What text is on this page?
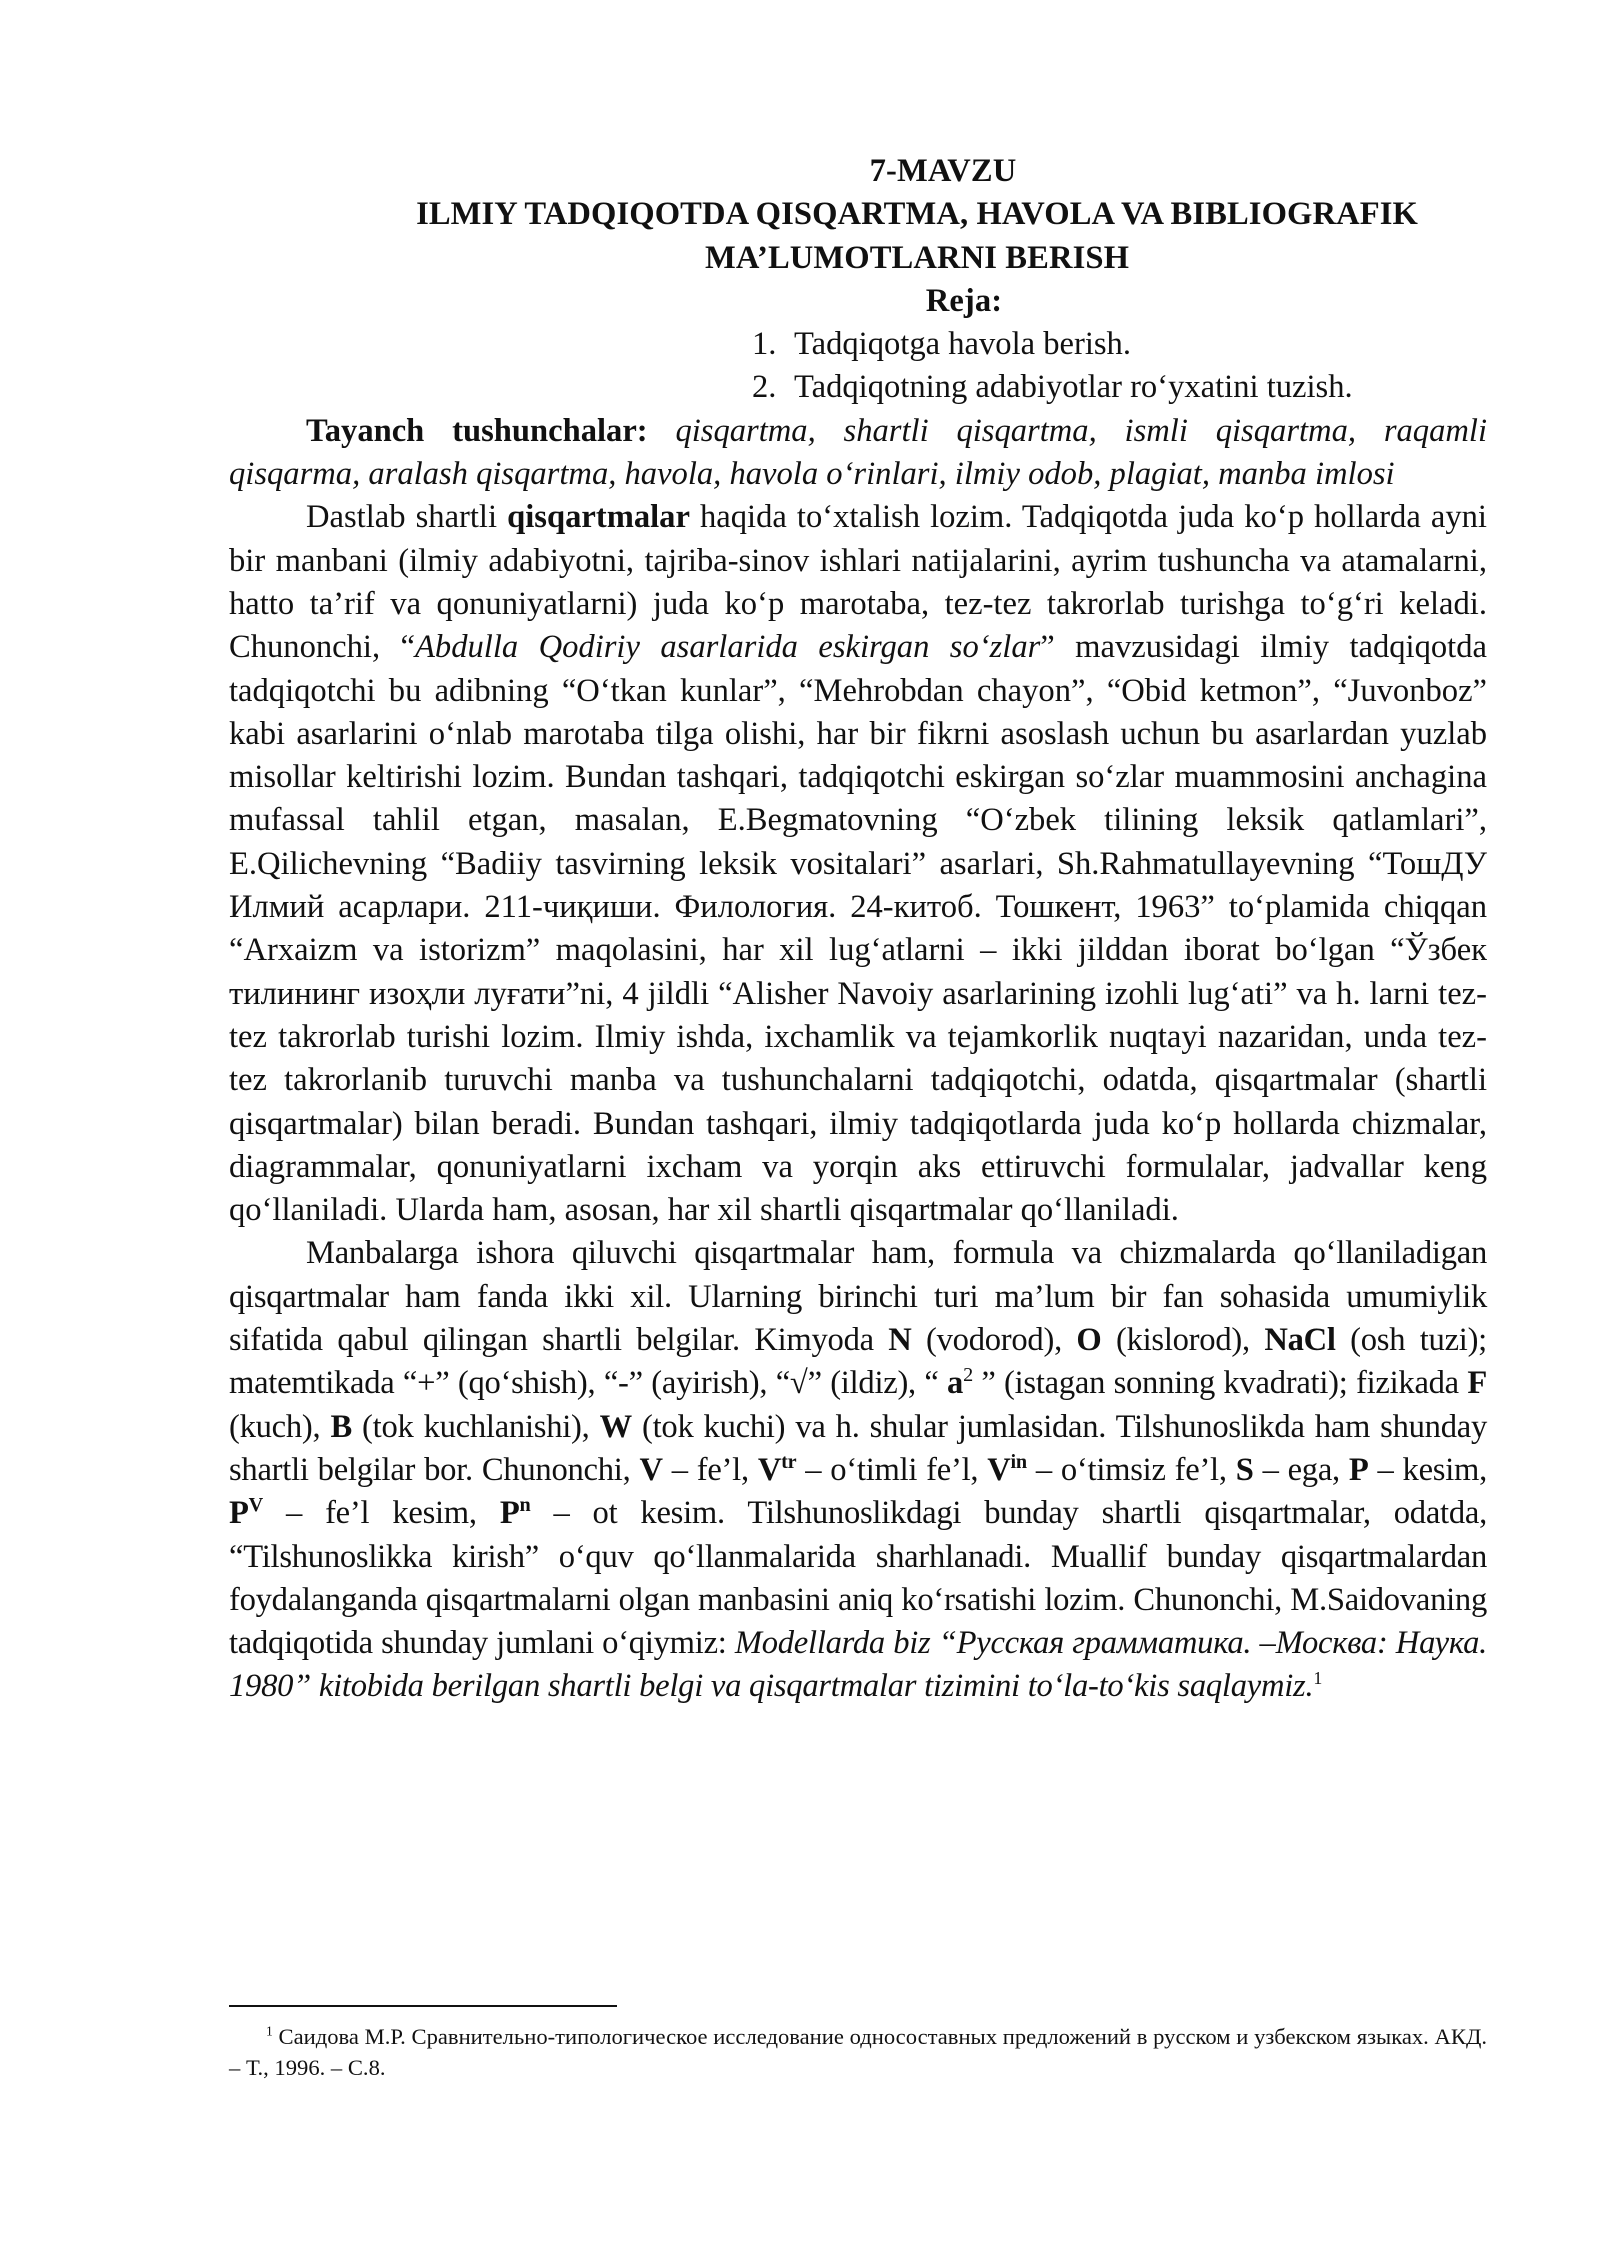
7-MAVZU

ILMIY TADQIQOTDA QISQARTMA, HAVOLA VA BIBLIOGRAFIK

MA’LUMOTLARNI BERISH

Reja:

1. Tadqiqotga havola berish.
2. Tadqiqotning adabiyotlar ro‘yxatini tuzish.

Tayanch tushunchalar: qisqartma, shartli qisqartma, ismli qisqartma, raqamli qisqarma, aralash qisqartma, havola, havola o‘rinlari, ilmiy odob, plagiat, manba imlosi

Dastlab shartli qisqartmalar haqida to‘xtalish lozim. Tadqiqotda juda ko‘p hollarda ayni bir manbani (ilmiy adabiyotni, tajriba-sinov ishlari natijalarini, ayrim tushuncha va atamalarni, hatto ta’rif va qonuniyatlarni) juda ko‘p marotaba, tez-tez takrorlab turishga to‘g‘ri keladi. Chunonchi, “Abdulla Qodiriy asarlarida eskirgan so‘zlar” mavzusidagi ilmiy tadqiqotda tadqiqotchi bu adibning “O‘tkan kunlar”, “Mehrobdan chayon”, “Obid ketmon”, “Juvonboz” kabi asarlarini o‘nlab marotaba tilga olishi, har bir fikrni asoslash uchun bu asarlardan yuzlab misollar keltirishi lozim. Bundan tashqari, tadqiqotchi eskirgan so‘zlar muammosini anchagina mufassal tahlil etgan, masalan, E.Begmatovning “O‘zbek tilining leksik qatlamlari”, E.Qilichevning “Badiiy tasvirning leksik vositalari” asarlari, Sh.Rahmatullayevning “ТошДУ Илмий асарлари. 211-чиқиши. Филология. 24-китоб. Тошкент, 1963” to‘plamida chiqqan “Arxaizm va istorizm” maqolasini, har xil lug‘atlarni – ikki jilddan iborat bo‘lgan “Ўзбек тилининг изоҳли луғати”ni, 4 jildli “Alisher Navoiy asarlarining izohli lug‘ati” va h. larni tez-tez takrorlab turishi lozim. Ilmiy ishda, ixchamlik va tejamkorlik nuqtayi nazaridan, unda tez-tez takrorlanib turuvchi manba va tushunchalarni tadqiqotchi, odatda, qisqartmalar (shartli qisqartmalar) bilan beradi. Bundan tashqari, ilmiy tadqiqotlarda juda ko‘p hollarda chizmalar, diagrammalar, qonuniyatlarni ixcham va yorqin aks ettiruvchi formulalar, jadvallar keng qo‘llaniladi. Ularda ham, asosan, har xil shartli qisqartmalar qo‘llaniladi.

Manbalarga ishora qiluvchi qisqartmalar ham, formula va chizmalarda qo‘llaniladigan qisqartmalar ham fanda ikki xil. Ularning birinchi turi ma’lum bir fan sohasida umumiylik sifatida qabul qilingan shartli belgilar. Kimyoda N (vodorod), O (kislorod), NaCl (osh tuzi); matemtikada “+” (qo‘shish), “-” (ayirish), “√” (ildiz), “ $a^2$ ” (istagan sonning kvadrati); fizikada F (kuch), B (tok kuchlanishi), W (tok kuchi) va h. shular jumlasidan. Tilshunoslikda ham shunday shartli belgilar bor. Chunonchi, V – fe’l, $V^{tr}$ – o‘timli fe’l, $V^{in}$ – o‘timsiz fe’l, S – ega, P – kesim, $P^V$ – fe’l kesim, $P^n$ – ot kesim. Tilshunoslikdagi bunday shartli qisqartmalar, odatda, “Tilshunoslikka kirish” o‘quv qo‘llanmalarida sharhlanadi. Muallif bunday qisqartmalardan foydalanganda qisqartmalarni olgan manbasini aniq ko‘rsatishi lozim. Chunonchi, M.Saidovaning tadqiqotida shunday jumlani o‘qiymiz: Modellarda biz “Русская грамматика. –Москва: Наука. 1980” kitobida berilgan shartli belgi va qisqartmalar tizimini to‘la-to‘kis saqlaymiz.$^1$

$^1$ Саидова М.Р. Сравнительно-типологическое исследование односоставных предложений в русском и узбекском языках. АКД. – Т., 1996. – С.8.
